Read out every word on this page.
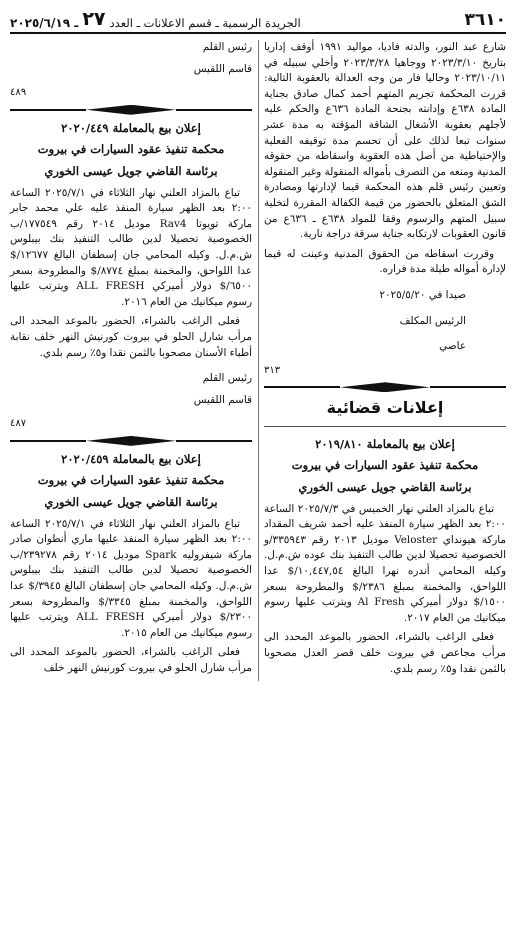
٣٦١٠
الجريدة الرسمية ـ قسم الاعلانات ـ العدد
٢٧
ـ ٢٠٢٥/٦/١٩

شارع عبد النور، والدته فاديا، مواليد ١٩٩١ أوقف إداريا بتاريخ ٢٠٢٣/٣/١٠ ووجاهيا ٢٠٢٣/٣/٢٨ وأخلي سبيله في ٢٠٢٣/١٠/١١ وحاليا فار من وجه العدالة بالعقوبة التالية: قررت المحكمة تجريم المتهم أحمد كمال صادق بجناية المادة ٦٣٨ع وإدانته بجنحة المادة ٦٣٦ع والحكم عليه لأجلهم بعقوبة الأشغال الشاقة المؤقتة به مدة عشر سنوات تبعا لذلك على أن تحسم مدة توقيفه الفعلية والإحتياطية من أصل هذه العقوبة واسقاطه من حقوقه المدنية ومنعه من التصرف بأمواله المنقولة وغير المنقولة وتعيين رئيس قلم هذه المحكمة قيما لإدارتها ومصادرة الشق المتعلق بالحضور من قيمة الكفالة المقررة لتخلية سبيل المتهم والرسوم وفقا للمواد ٦٣٨ع ـ ٦٣٦ع من قانون العقوبات لارتكابه جناية سرقة دراجة نارية.

وقررت اسقاطه من الحقوق المدنية وعينت له قيما لإدارة أمواله طيلة مدة فراره.

صيدا في ٢٠٢٥/٥/٢٠
الرئيس المكلف
عاصي
٣١٣
إعلانات قضائية
إعلان بيع بالمعاملة ٢٠١٩/٨١٠
محكمة تنفيذ عقود السيارات في بيروت
برئاسة القاضي جويل عيسى الخوري

تباع بالمزاد العلني نهار الخميس في ٢٠٢٥/٧/٣ الساعة ٢:٠٠ بعد الظهر سيارة المنفذ عليه أحمد شريف المقداد ماركة هيونداي Veloster موديل ٢٠١٣ رقم ٣٣٥٩٤٣/و الخصوصية تحصيلا لدين طالب التنفيذ بنك عوده ش.م.ل. وكيله المحامي أندره نهرا البالغ ١٠,٤٤٧,٥٤/$ عدا اللواحق، والمخمنة بمبلغ ٢٣٨٦/$ والمطروحة بسعر ١٥٠٠/$ دولار أميركي Al Fresh ويترتب عليها رسوم ميكانيك من العام ٢٠١٧.

فعلى الراغب بالشراء، الحضور بالموعد المحدد الى مرأب مجاعص في بيروت خلف قصر العدل مصحوبا بالثمن نقدا و٥٪ رسم بلدي.

رئيس القلم
قاسم اللقيس
٤٨٩
إعلان بيع بالمعاملة ٢٠٢٠/٤٤٩
محكمة تنفيذ عقود السيارات في بيروت
برئاسة القاضي جويل عيسى الخوري

تباع بالمزاد العلني نهار الثلاثاء في ٢٠٢٥/٧/١ الساعة ٢:٠٠ بعد الظهر سيارة المنفذ عليه علي محمد جابر ماركة تويوتا Rav4 موديل ٢٠١٤ رقم ١٧٧٥٤٩/ب الخصوصية تحصيلا لدين طالب التنفيذ بنك بيبلوس ش.م.ل. وكيله المحامي جان إسطفان البالغ ١٢٦٧٧/$ عدا اللواحق، والمخمنة بمبلغ ٨٧٧٤/$ والمطروحة بسعر ٦٥٠٠/$ دولار أميركي ALL FRESH ويترتب عليها رسوم ميكانيك من العام ٢٠١٦.

فعلى الراغب بالشراء، الحضور بالموعد المحدد الى مرأب شارل الحلو في بيروت كورنيش النهر خلف نقابة أطباء الأسنان مصحوبا بالثمن نقدا و٥٪ رسم بلدي.

رئيس القلم
قاسم اللقيس
٤٨٧
إعلان بيع بالمعاملة ٢٠٢٠/٤٥٩
محكمة تنفيذ عقود السيارات في بيروت
برئاسة القاضي جويل عيسى الخوري

تباع بالمزاد العلني نهار الثلاثاء في ٢٠٢٥/٧/١ الساعة ٢:٠٠ بعد الظهر سيارة المنفذ عليها ماري أنطوان صادر ماركة شيفروليه Spark موديل ٢٠١٤ رقم ٢٣٩٢٧٨/ب الخصوصية تحصيلا لدين طالب التنفيذ بنك بيبلوس ش.م.ل. وكيله المحامي جان إسطفان البالغ ٣٩٤٥/$ عدا اللواحق، والمخمنة بمبلغ ٣٣٤٥/$ والمطروحة بسعر ٢٣٠٠/$ دولار أميركي ALL FRESH ويترتب عليها رسوم ميكانيك من العام ٢٠١٥.

فعلى الراغب بالشراء، الحضور بالموعد المحدد الى مرأب شارل الحلو في بيروت كورنيش النهر خلف
